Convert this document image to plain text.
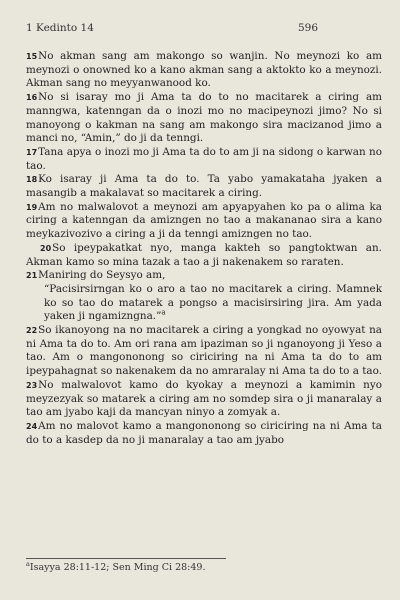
1 Kedinto 14	596

15No akman sang am makongo so wanjin. No meynozi ko am meynozi o onowned ko a kano akman sang a aktokto ko a meynozi. Akman sang no meyyanwanood ko.

16No si isaray mo ji Ama ta do to no macitarek a ciring am manngwa, katenngan da o inozi mo no macipeynozi jimo? No si manoyong o kakman na sang am makongo sira macizanod jimo a manci no, “Amin,” do ji da tenngi.

17Tana apya o inozi mo ji Ama ta do to am ji na sidong o karwan no tao.

18Ko isaray ji Ama ta do to. Ta yabo yamakataha jyaken a masangib a makalavat so macitarek a ciring.

19Am no malwalovot a meynozi am apyapyahen ko pa o alima ka ciring a katenngan da amizngen no tao a makananao sira a kano meykazivozivo a ciring a ji da tenngi amizngen no tao.

20So ipeypakatkat nyo, manga kakteh so pangtoktwan an. Akman kamo so mina tazak a tao a ji nakenakem so raraten.

21Maniring do Seysyo am,

“Pacisirsirngan ko o aro a tao no macitarek a ciring. Mamnek ko so tao do matarek a pongso a macisirsiring jira. Am yada yaken ji ngamizngna.”$^a$

22So ikanoyong na no macitarek a ciring a yongkad no oyowyat na ni Ama ta do to. Am ori rana am ipaziman so ji nganoyong ji Yeso a tao. Am o mangononong so ciriciring na ni Ama ta do to am ipeypahagnat so nakenakem da no amraralay ni Ama ta do to a tao.

23No malwalovot kamo do kyokay a meynozi a kamimin nyo meyzezyak so matarek a ciring am no somdep sira o ji manaralay a tao am jyabo kaji da mancyan ninyo a zomyak a.

24Am no malovot kamo a mangononong so ciriciring na ni Ama ta do to a kasdep da no ji manaralay a tao am jyabo

$^a$Isayya 28:11-12; Sen Ming Ci 28:49.
